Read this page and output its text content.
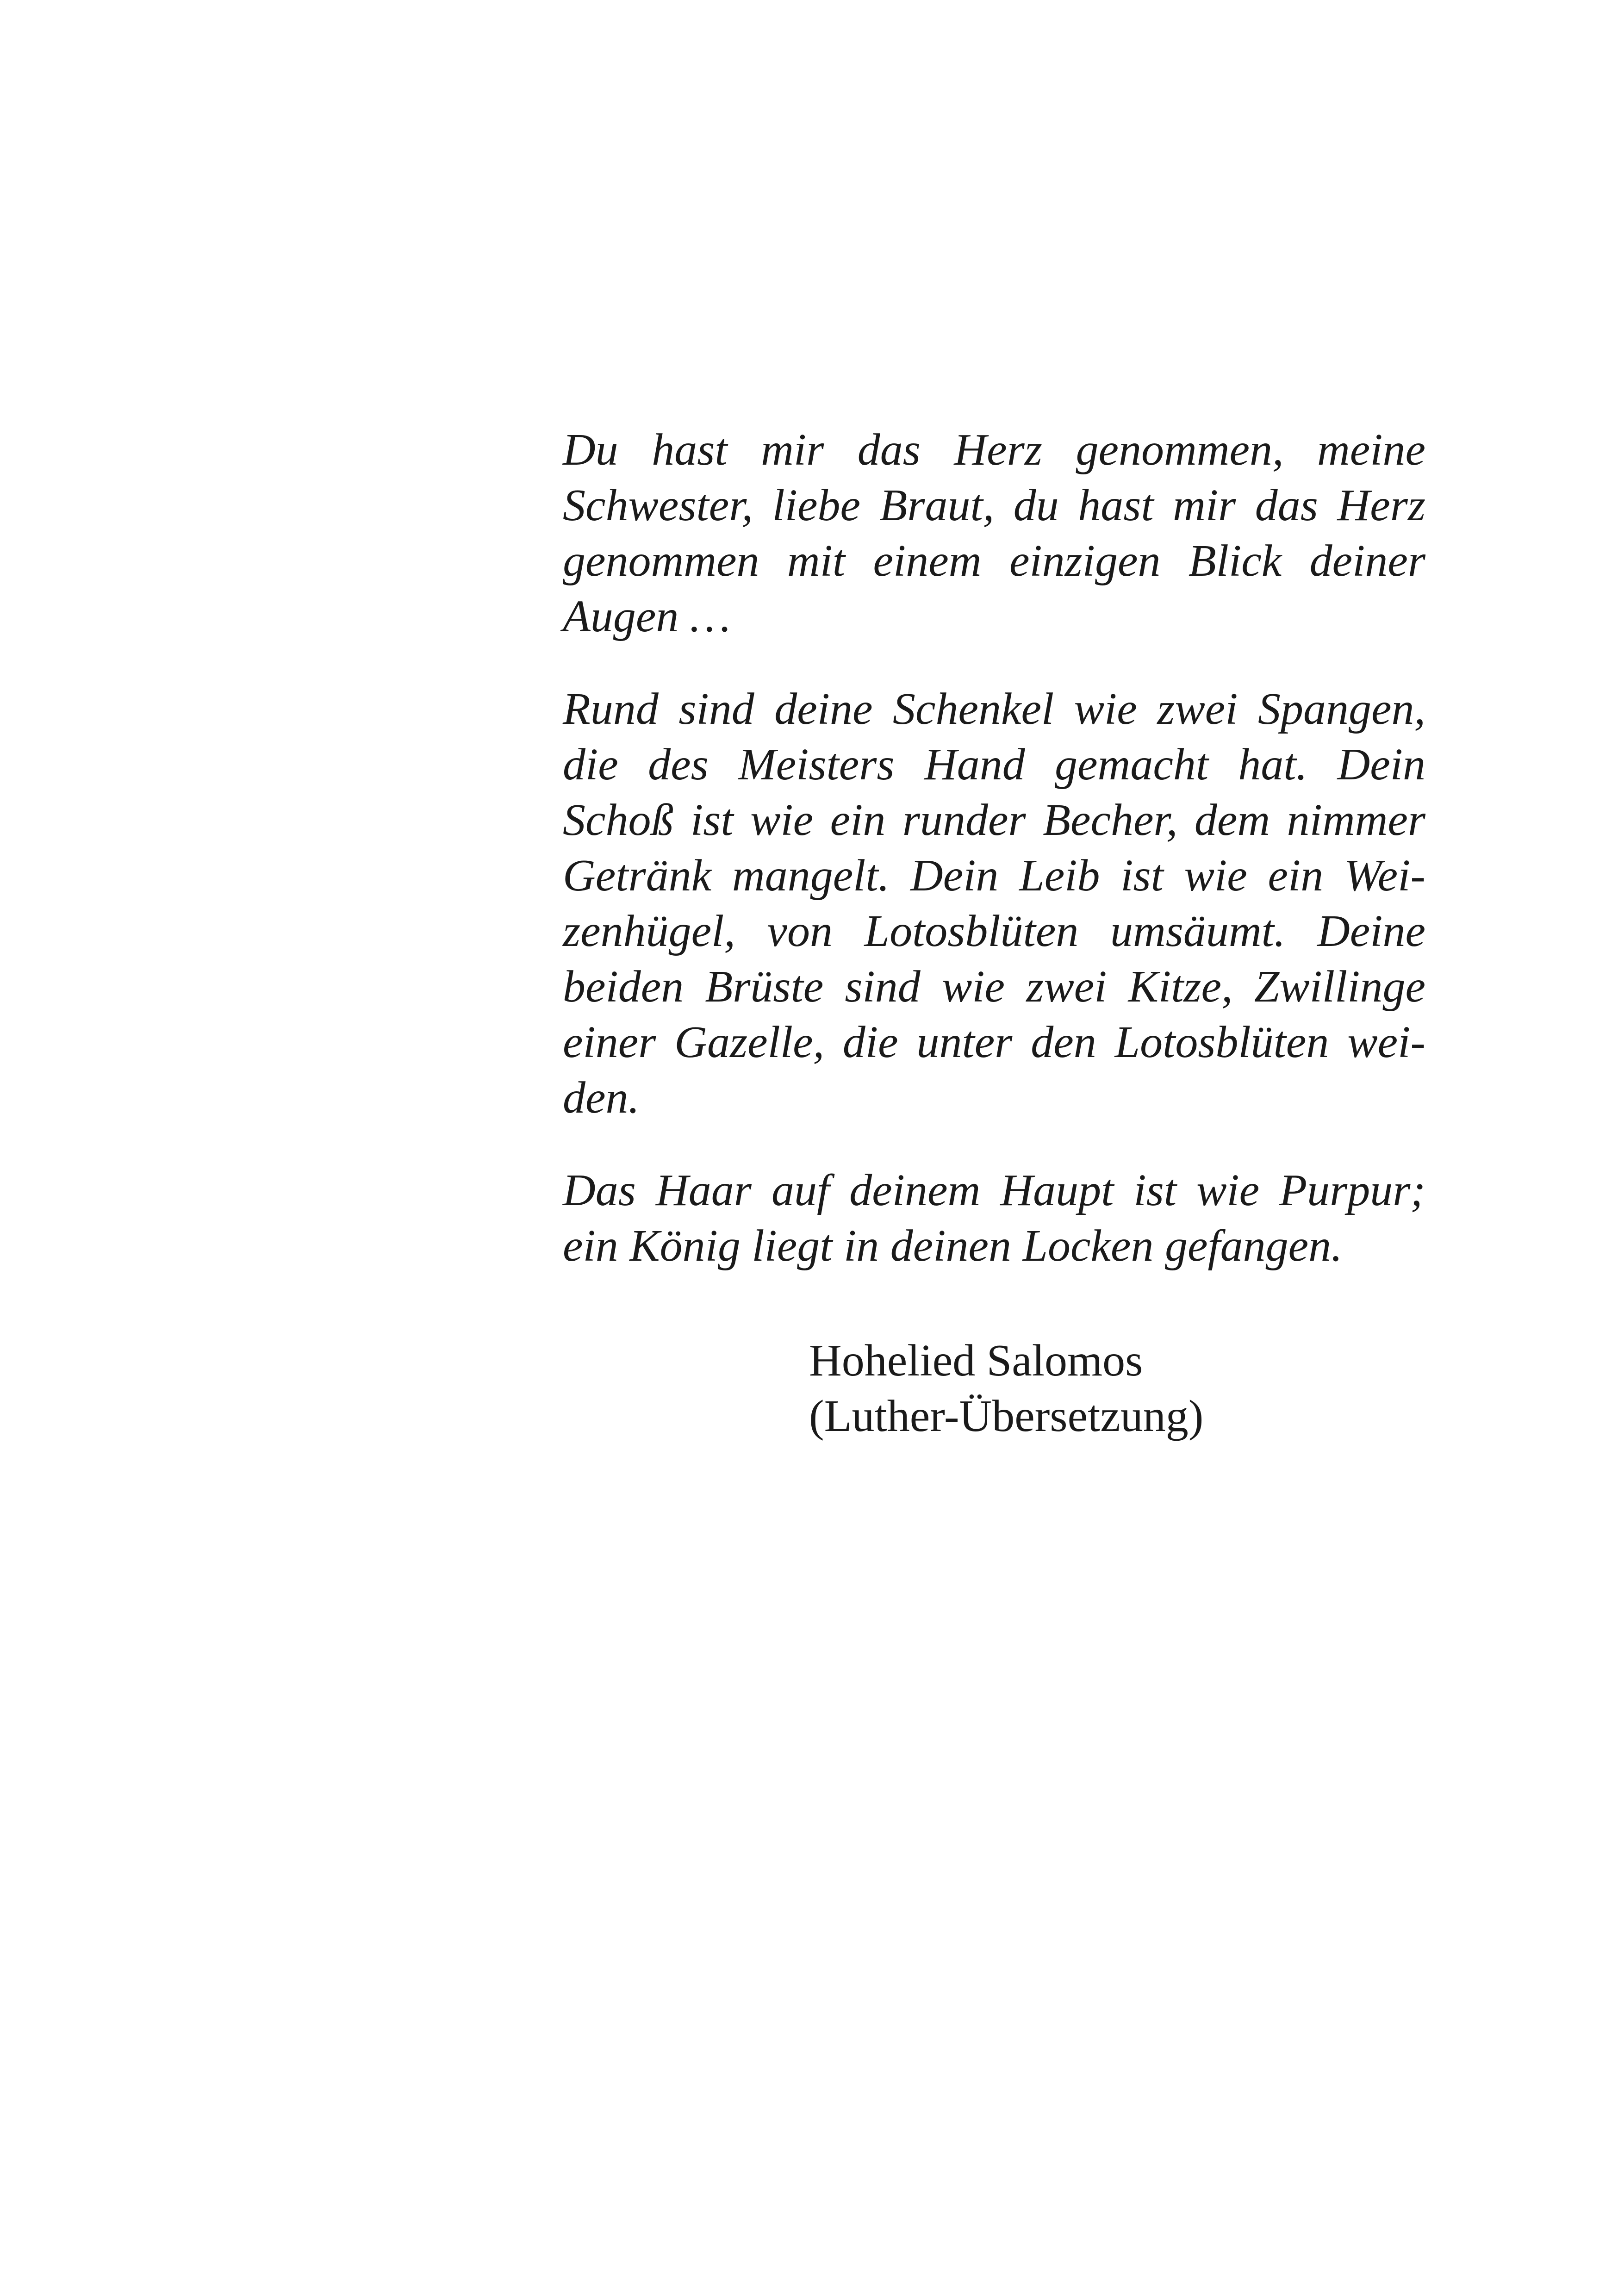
Du hast mir das Herz genommen, meine
Schwester, liebe Braut, du hast mir das Herz
genommen mit einem einzigen Blick deiner
Augen …

Rund sind deine Schenkel wie zwei Spangen,
die des Meisters Hand gemacht hat. Dein
Schoß ist wie ein runder Becher, dem nimmer
Getränk mangelt. Dein Leib ist wie ein Wei-
zenhügel, von Lotosblüten umsäumt. Deine
beiden Brüste sind wie zwei Kitze, Zwillinge
einer Gazelle, die unter den Lotosblüten wei-
den.

Das Haar auf deinem Haupt ist wie Purpur;
ein König liegt in deinen Locken gefangen.

Hohelied Salomos
(Luther-Übersetzung)
